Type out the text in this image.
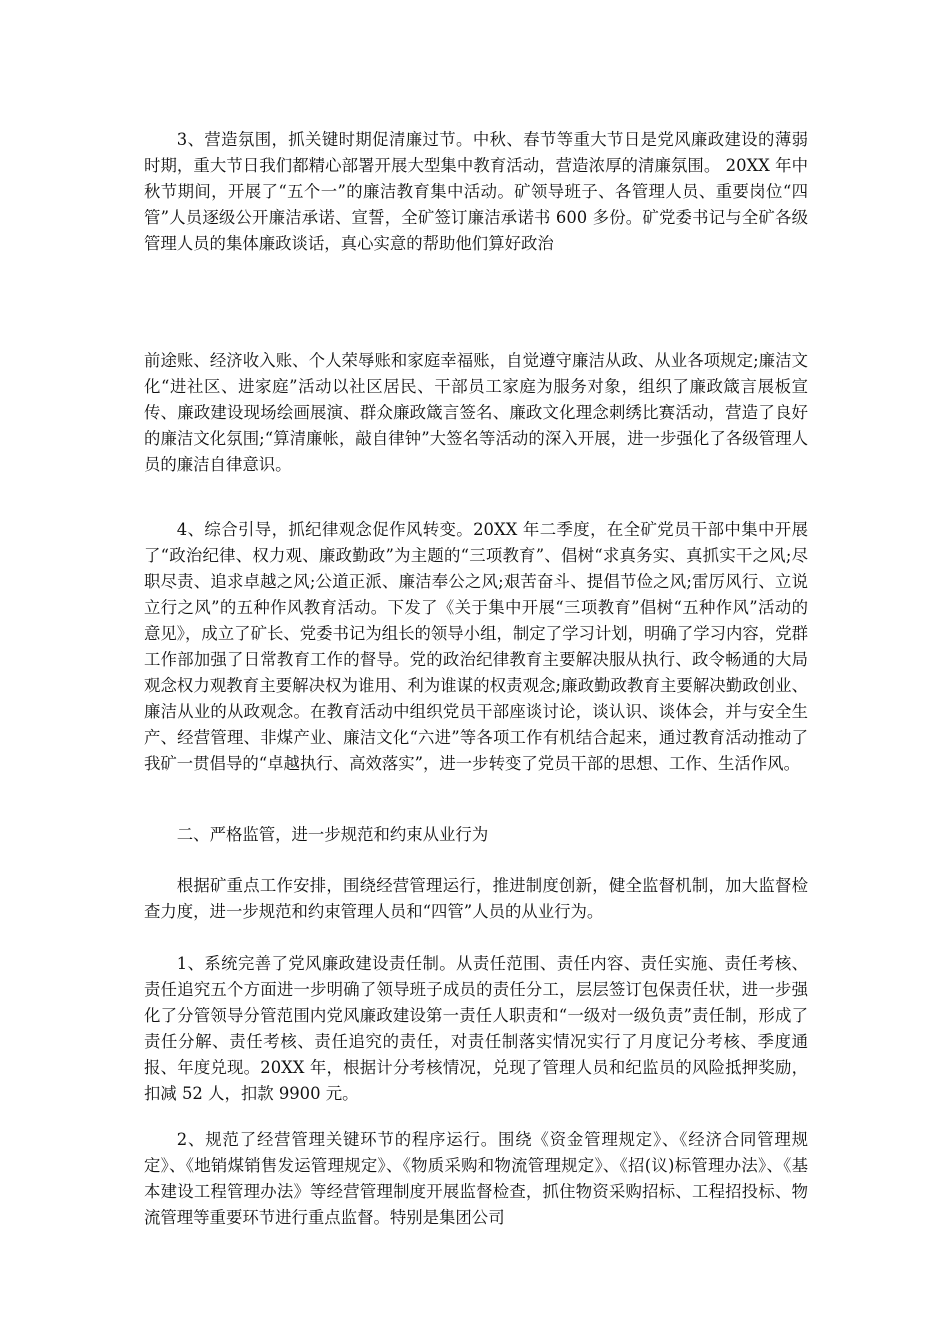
3、营造氛围，抓关键时期促清廉过节。中秋、春节等重大节日是党风廉政建设的薄弱时期，重大节日我们都精心部署开展大型集中教育活动，营造浓厚的清廉氛围。 20XX 年中秋节期间，开展了“五个一”的廉洁教育集中活动。矿领导班子、各管理人员、重要岗位“四管”人员逐级公开廉洁承诺、宣誓，全矿签订廉洁承诺书 600 多份。矿党委书记与全矿各级管理人员的集体廉政谈话，真心实意的帮助他们算好政治

前途账、经济收入账、个人荣辱账和家庭幸福账，自觉遵守廉洁从政、从业各项规定;廉洁文化“进社区、进家庭”活动以社区居民、干部员工家庭为服务对象，组织了廉政箴言展板宣传、廉政建设现场绘画展演、群众廉政箴言签名、廉政文化理念刺绣比赛活动，营造了良好的廉洁文化氛围;“算清廉帐，敲自律钟”大签名等活动的深入开展，进一步强化了各级管理人员的廉洁自律意识。

4、综合引导，抓纪律观念促作风转变。20XX 年二季度，在全矿党员干部中集中开展了“政治纪律、权力观、廉政勤政”为主题的“三项教育”、倡树“求真务实、真抓实干之风;尽职尽责、追求卓越之风;公道正派、廉洁奉公之风;艰苦奋斗、提倡节俭之风;雷厉风行、立说立行之风”的五种作风教育活动。下发了《关于集中开展“三项教育”倡树“五种作风”活动的意见》，成立了矿长、党委书记为组长的领导小组，制定了学习计划，明确了学习内容，党群工作部加强了日常教育工作的督导。党的政治纪律教育主要解决服从执行、政令畅通的大局观念权力观教育主要解决权为谁用、利为谁谋的权责观念;廉政勤政教育主要解决勤政创业、廉洁从业的从政观念。在教育活动中组织党员干部座谈讨论，谈认识、谈体会，并与安全生产、经营管理、非煤产业、廉洁文化“六进”等各项工作有机结合起来，通过教育活动推动了我矿一贯倡导的“卓越执行、高效落实”，进一步转变了党员干部的思想、工作、生活作风。

二、严格监管，进一步规范和约束从业行为

根据矿重点工作安排，围绕经营管理运行，推进制度创新，健全监督机制，加大监督检查力度，进一步规范和约束管理人员和“四管”人员的从业行为。

1、系统完善了党风廉政建设责任制。从责任范围、责任内容、责任实施、责任考核、责任追究五个方面进一步明确了领导班子成员的责任分工，层层签订包保责任状，进一步强化了分管领导分管范围内党风廉政建设第一责任人职责和“一级对一级负责”责任制，形成了责任分解、责任考核、责任追究的责任，对责任制落实情况实行了月度记分考核、季度通报、年度兑现。20XX 年，根据计分考核情况，兑现了管理人员和纪监员的风险抵押奖励，扣减 52 人，扣款 9900 元。

2、规范了经营管理关键环节的程序运行。围绕《资金管理规定》、《经济合同管理规定》、《地销煤销售发运管理规定》、《物质采购和物流管理规定》、《招(议)标管理办法》、《基本建设工程管理办法》等经营管理制度开展监督检查，抓住物资采购招标、工程招投标、物流管理等重要环节进行重点监督。特别是集团公司
